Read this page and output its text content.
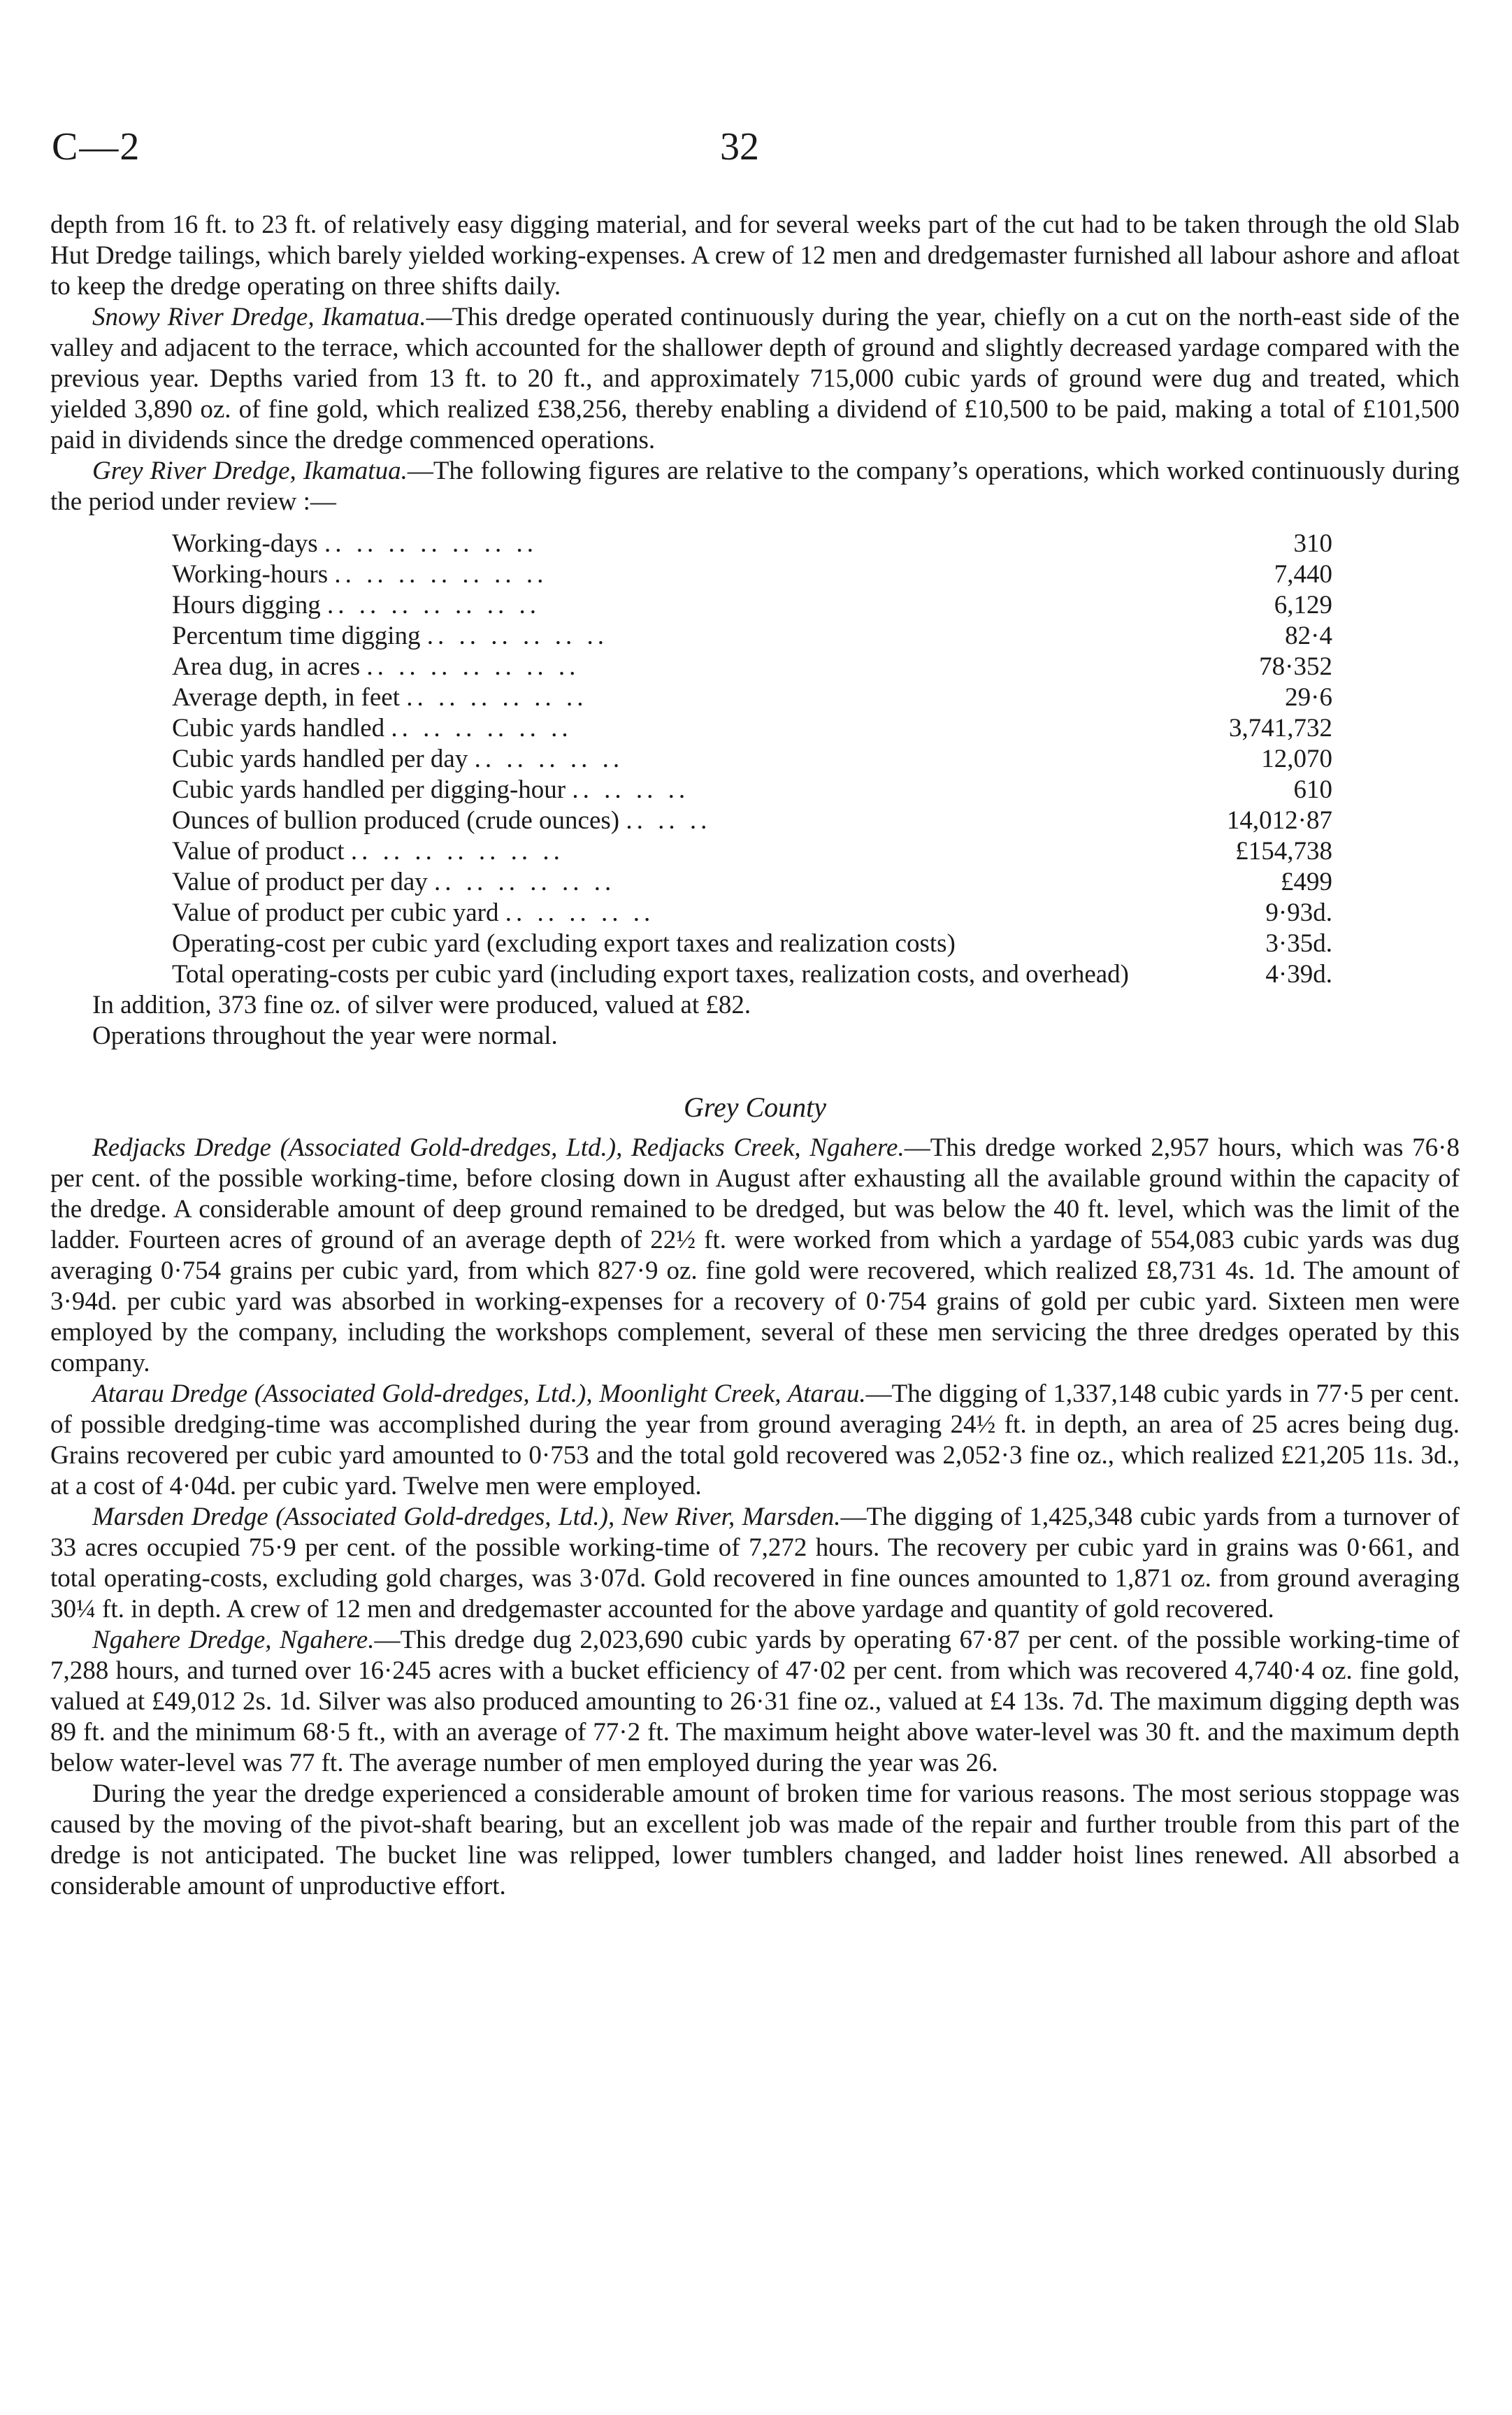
C—2	32

depth from 16 ft. to 23 ft. of relatively easy digging material, and for several weeks part of the cut had to be taken through the old Slab Hut Dredge tailings, which barely yielded working-expenses. A crew of 12 men and dredgemaster furnished all labour ashore and afloat to keep the dredge operating on three shifts daily.

Snowy River Dredge, Ikamatua.—This dredge operated continuously during the year, chiefly on a cut on the north-east side of the valley and adjacent to the terrace, which accounted for the shallower depth of ground and slightly decreased yardage compared with the previous year. Depths varied from 13 ft. to 20 ft., and approximately 715,000 cubic yards of ground were dug and treated, which yielded 3,890 oz. of fine gold, which realized £38,256, thereby enabling a dividend of £10,500 to be paid, making a total of £101,500 paid in dividends since the dredge commenced operations.

Grey River Dredge, Ikamatua.—The following figures are relative to the company’s operations, which worked continuously during the period under review :—

Working-days .. .. .. .. .. .. ..	310
Working-hours .. .. .. .. .. .. ..	7,440
Hours digging .. .. .. .. .. .. ..	6,129
Percentum time digging .. .. .. .. .. ..	82·4
Area dug, in acres .. .. .. .. .. .. ..	78·352
Average depth, in feet .. .. .. .. .. ..	29·6
Cubic yards handled .. .. .. .. .. ..	3,741,732
Cubic yards handled per day .. .. .. .. ..	12,070
Cubic yards handled per digging-hour .. .. .. ..	610
Ounces of bullion produced (crude ounces) .. .. ..	14,012·87
Value of product .. .. .. .. .. .. ..	£154,738
Value of product per day .. .. .. .. .. ..	£499
Value of product per cubic yard .. .. .. .. ..	9·93d.
Operating-cost per cubic yard (excluding export taxes and realization costs)	3·35d.
Total operating-costs per cubic yard (including export taxes, realization costs, and overhead)	4·39d.

In addition, 373 fine oz. of silver were produced, valued at £82.

Operations throughout the year were normal.

Grey County

Redjacks Dredge (Associated Gold-dredges, Ltd.), Redjacks Creek, Ngahere.—This dredge worked 2,957 hours, which was 76·8 per cent. of the possible working-time, before closing down in August after exhausting all the available ground within the capacity of the dredge. A considerable amount of deep ground remained to be dredged, but was below the 40 ft. level, which was the limit of the ladder. Fourteen acres of ground of an average depth of 22½ ft. were worked from which a yardage of 554,083 cubic yards was dug averaging 0·754 grains per cubic yard, from which 827·9 oz. fine gold were recovered, which realized £8,731 4s. 1d. The amount of 3·94d. per cubic yard was absorbed in working-expenses for a recovery of 0·754 grains of gold per cubic yard. Sixteen men were employed by the company, including the workshops complement, several of these men servicing the three dredges operated by this company.

Atarau Dredge (Associated Gold-dredges, Ltd.), Moonlight Creek, Atarau.—The digging of 1,337,148 cubic yards in 77·5 per cent. of possible dredging-time was accomplished during the year from ground averaging 24½ ft. in depth, an area of 25 acres being dug. Grains recovered per cubic yard amounted to 0·753 and the total gold recovered was 2,052·3 fine oz., which realized £21,205 11s. 3d., at a cost of 4·04d. per cubic yard. Twelve men were employed.

Marsden Dredge (Associated Gold-dredges, Ltd.), New River, Marsden.—The digging of 1,425,348 cubic yards from a turnover of 33 acres occupied 75·9 per cent. of the possible working-time of 7,272 hours. The recovery per cubic yard in grains was 0·661, and total operating-costs, excluding gold charges, was 3·07d. Gold recovered in fine ounces amounted to 1,871 oz. from ground averaging 30¼ ft. in depth. A crew of 12 men and dredgemaster accounted for the above yardage and quantity of gold recovered.

Ngahere Dredge, Ngahere.—This dredge dug 2,023,690 cubic yards by operating 67·87 per cent. of the possible working-time of 7,288 hours, and turned over 16·245 acres with a bucket efficiency of 47·02 per cent. from which was recovered 4,740·4 oz. fine gold, valued at £49,012 2s. 1d. Silver was also produced amounting to 26·31 fine oz., valued at £4 13s. 7d. The maximum digging depth was 89 ft. and the minimum 68·5 ft., with an average of 77·2 ft. The maximum height above water-level was 30 ft. and the maximum depth below water-level was 77 ft. The average number of men employed during the year was 26.

During the year the dredge experienced a considerable amount of broken time for various reasons. The most serious stoppage was caused by the moving of the pivot-shaft bearing, but an excellent job was made of the repair and further trouble from this part of the dredge is not anticipated. The bucket line was relipped, lower tumblers changed, and ladder hoist lines renewed. All absorbed a considerable amount of unproductive effort.
